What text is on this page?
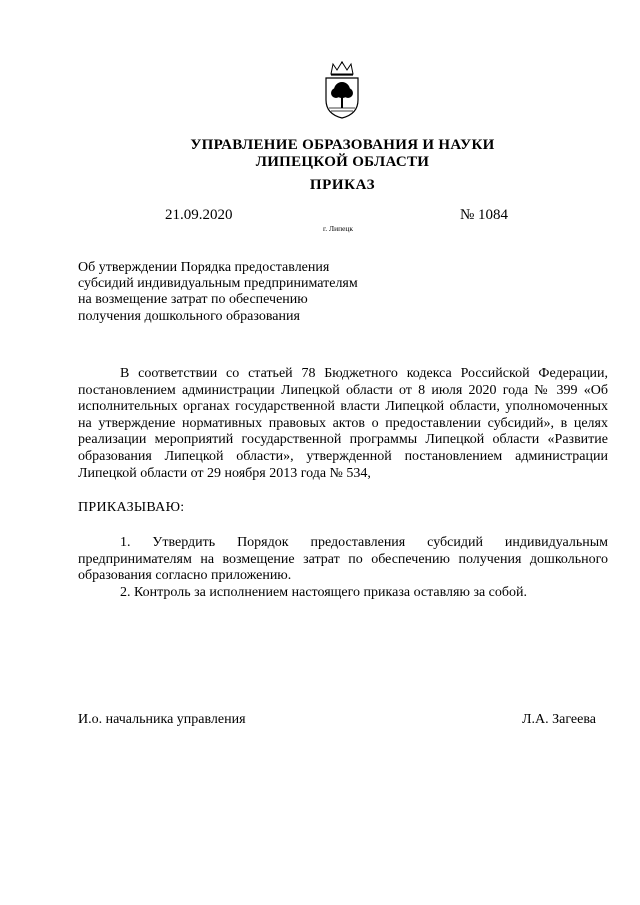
УПРАВЛЕНИЕ ОБРАЗОВАНИЯ И НАУКИ
ЛИПЕЦКОЙ ОБЛАСТИ
ПРИКАЗ
21.09.2020	№ 1084
г. Липецк
Об утверждении Порядка предоставления
субсидий индивидуальным предпринимателям
на возмещение затрат по обеспечению
получения дошкольного образования
В соответствии со статьей 78 Бюджетного кодекса Российской Федерации, постановлением администрации Липецкой области от 8 июля 2020 года № 399 «Об исполнительных органах государственной власти Липецкой области, уполномоченных на утверждение нормативных правовых актов о предоставлении субсидий», в целях реализации мероприятий государственной программы Липецкой области «Развитие образования Липецкой области», утвержденной постановлением администрации Липецкой области от 29 ноября 2013 года № 534,
ПРИКАЗЫВАЮ:

1. Утвердить Порядок предоставления субсидий индивидуальным предпринимателям на возмещение затрат по обеспечению получения дошкольного образования согласно приложению.

2. Контроль за исполнением настоящего приказа оставляю за собой.

И.о. начальника управления	Л.А. Загеева
